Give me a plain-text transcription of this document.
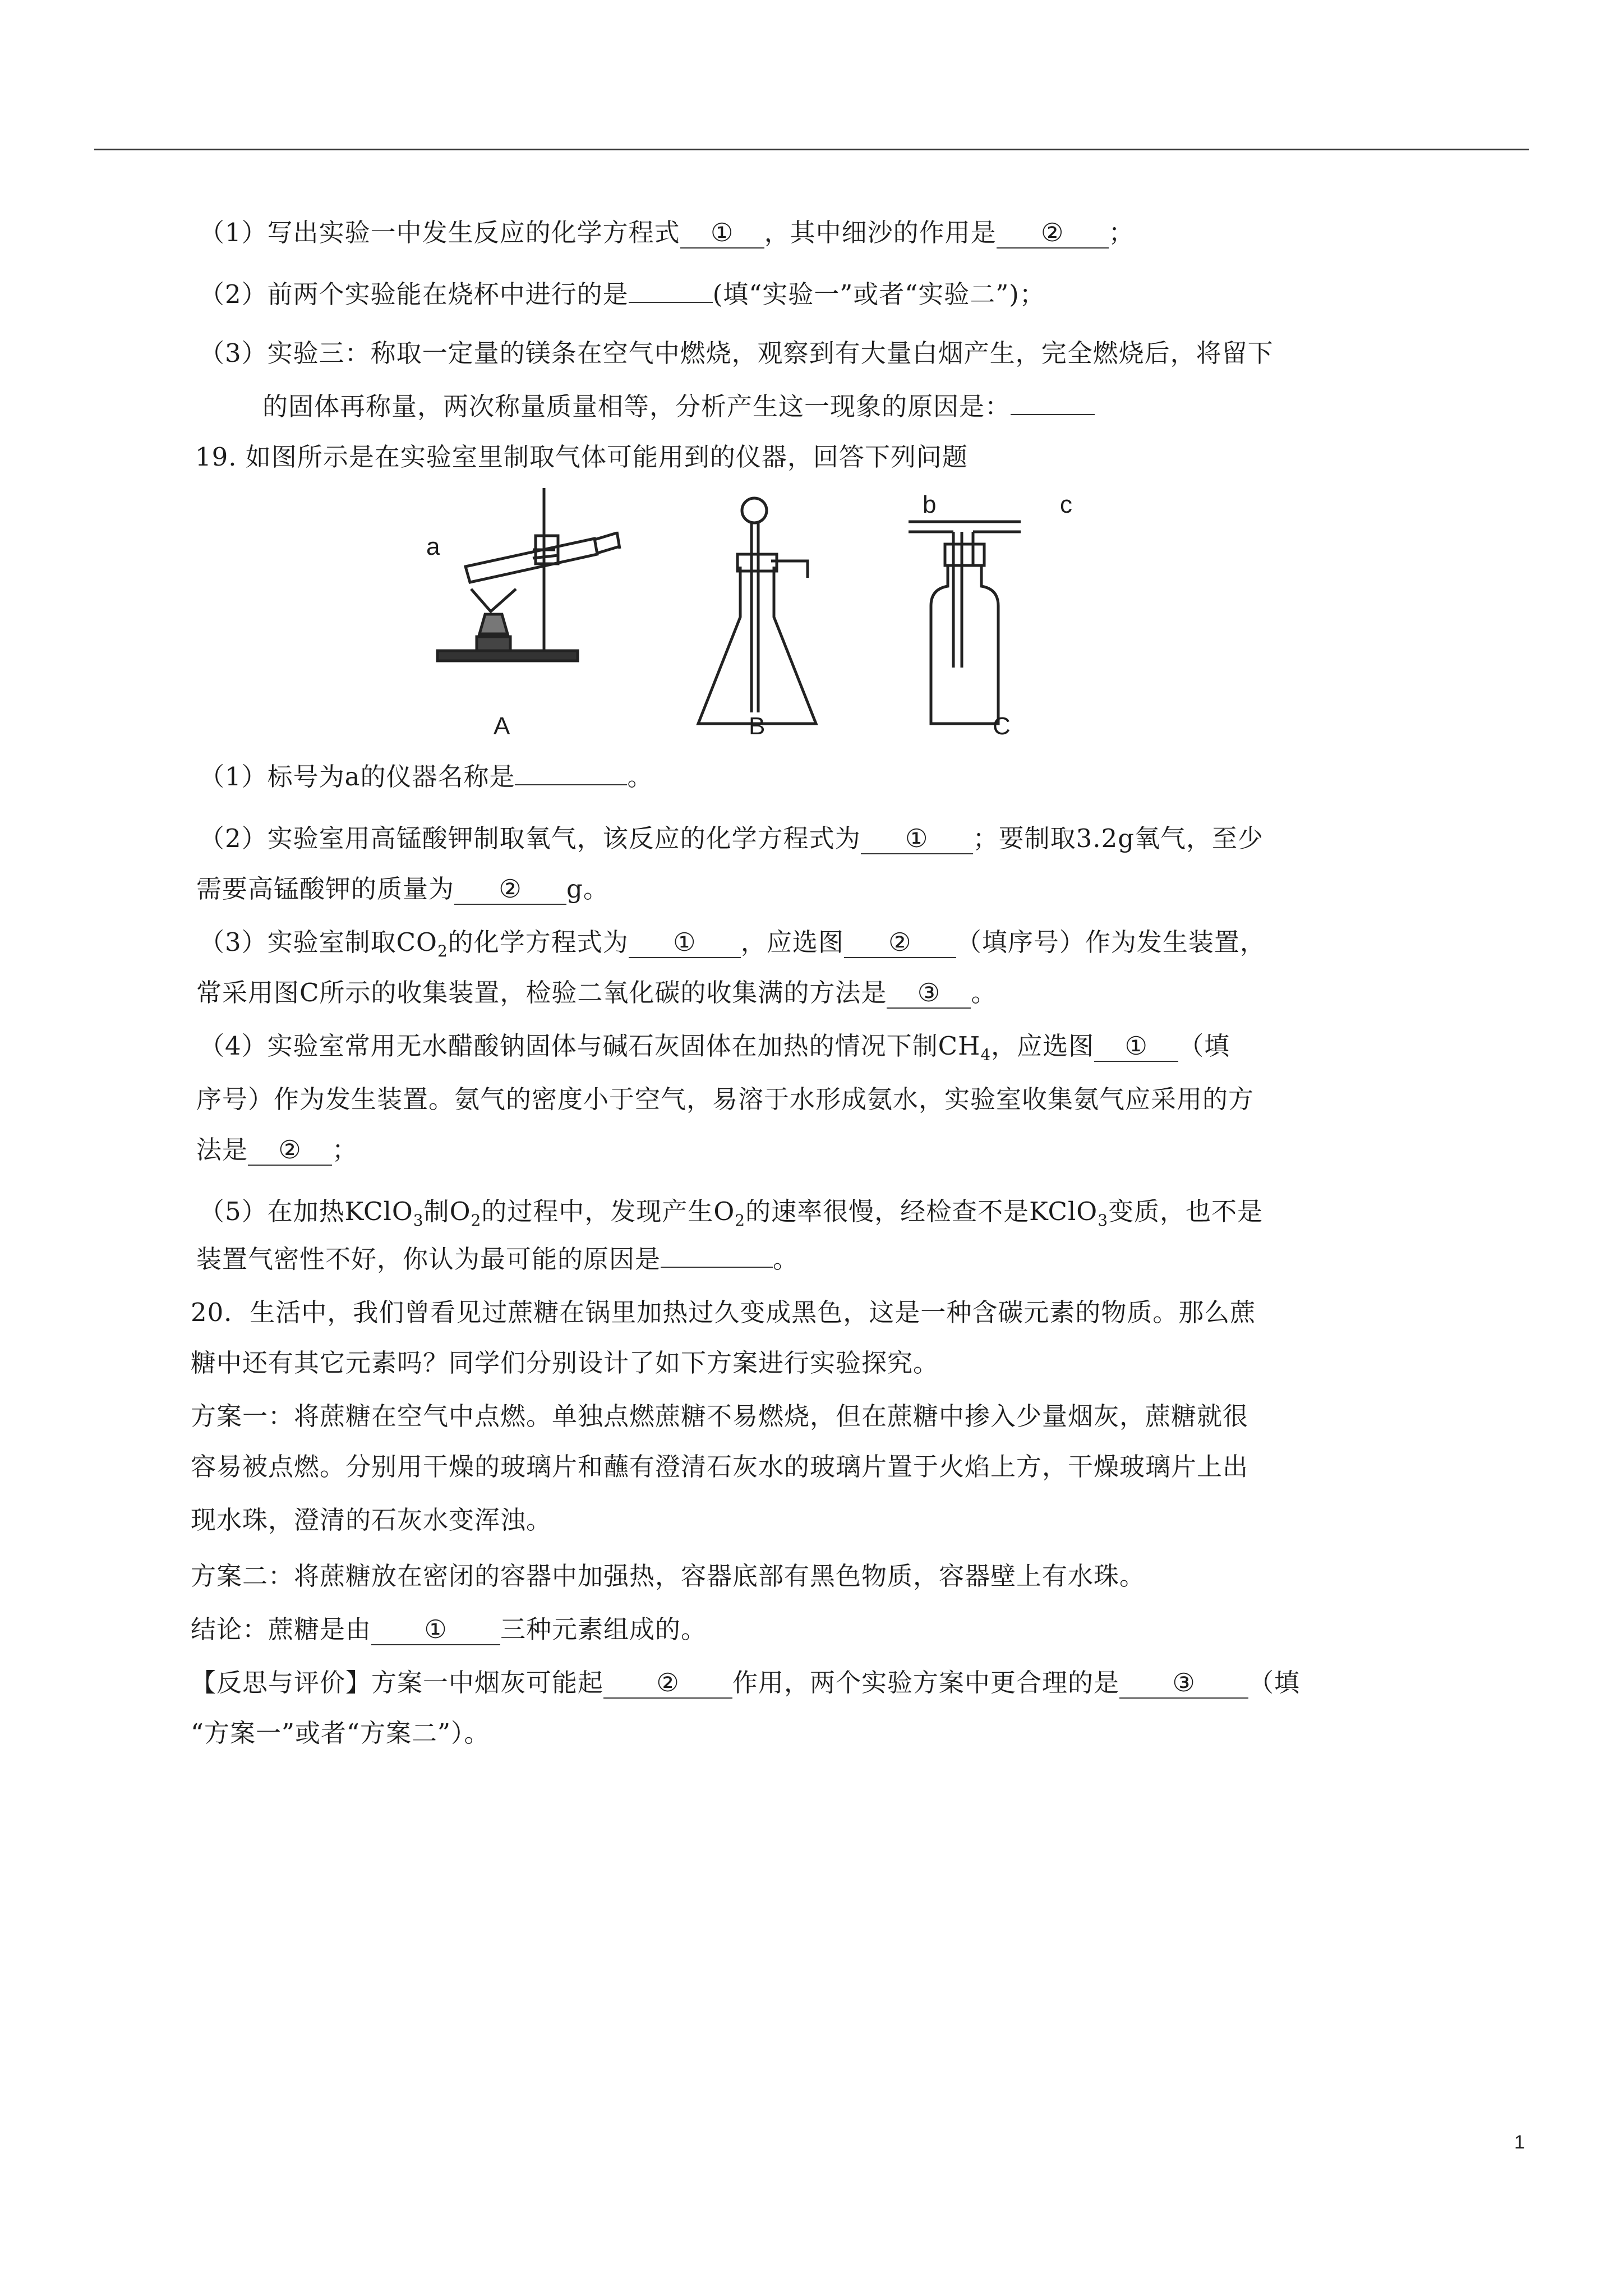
（1）写出实验一中发生反应的化学方程式 ① ，其中细沙的作用是 ② ；
（2）前两个实验能在烧杯中进行的是	(填“实验一”或者“实验二”)；
（3）实验三：称取一定量的镁条在空气中燃烧，观察到有大量白烟产生，完全燃烧后，将留下
的固体再称量，两次称量质量相等，分析产生这一现象的原因是：
19. 如图所示是在实验室里制取气体可能用到的仪器，回答下列问题
a
b	c
A	B	C
（1）标号为a的仪器名称是	。
（2）实验室用高锰酸钾制取氧气，该反应的化学方程式为 ① ；要制取3.2g氧气，至少
需要高锰酸钾的质量为 ② g。
（3）实验室制取$CO_2$的化学方程式为 ① ，应选图 ② （填序号）作为发生装置，
常采用图C所示的收集装置，检验二氧化碳的收集满的方法是 ③ 。
（4）实验室常用无水醋酸钠固体与碱石灰固体在加热的情况下制$CH_4$，应选图 ① （填
序号）作为发生装置。氨气的密度小于空气，易溶于水形成氨水，实验室收集氨气应采用的方
法是 ② ；
（5）在加热KClO$_3$制$O_2$的过程中，发现产生$O_2$的速率很慢，经检查不是KClO$_3$变质，也不是
装置气密性不好，你认为最可能的原因是	。
20．生活中，我们曾看见过蔗糖在锅里加热过久变成黑色，这是一种含碳元素的物质。那么蔗
糖中还有其它元素吗？同学们分别设计了如下方案进行实验探究。
方案一：将蔗糖在空气中点燃。单独点燃蔗糖不易燃烧，但在蔗糖中掺入少量烟灰，蔗糖就很
容易被点燃。分别用干燥的玻璃片和蘸有澄清石灰水的玻璃片置于火焰上方，干燥玻璃片上出
现水珠，澄清的石灰水变浑浊。
方案二：将蔗糖放在密闭的容器中加强热，容器底部有黑色物质，容器壁上有水珠。
结论：蔗糖是由 ① 三种元素组成的。
【反思与评价】方案一中烟灰可能起 ② 作用，两个实验方案中更合理的是 ③ （填
“方案一”或者“方案二”）。
1
